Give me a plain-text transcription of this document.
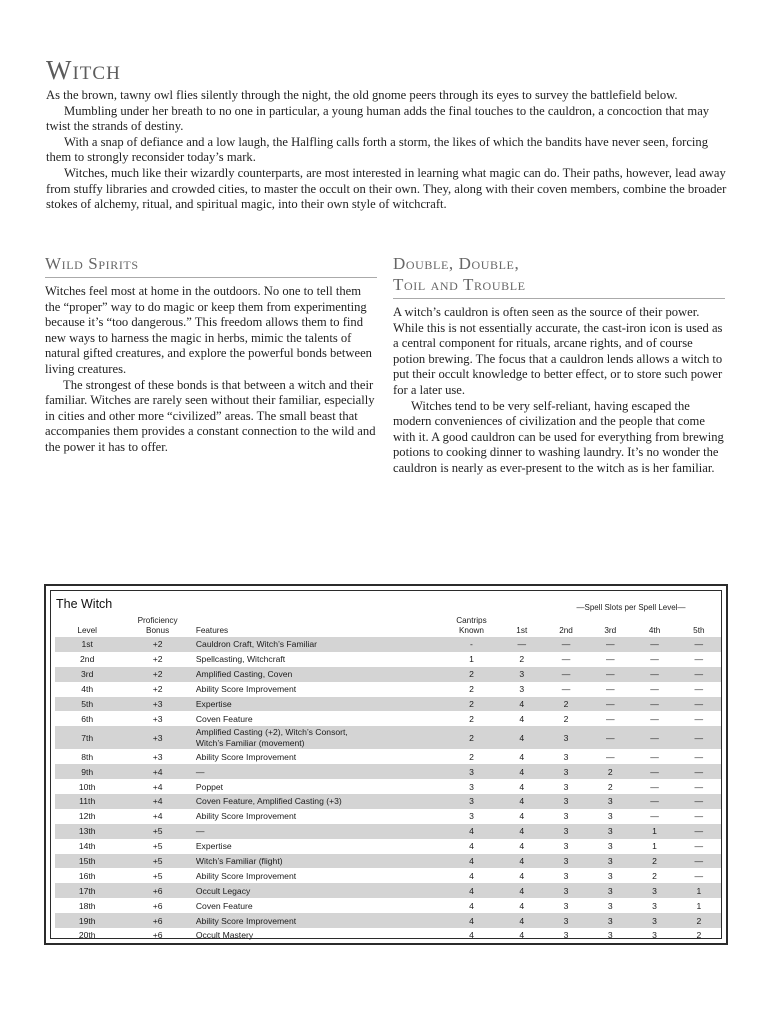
Witch

As the brown, tawny owl flies silently through the night, the old gnome peers through its eyes to survey the battlefield below.

Mumbling under her breath to no one in particular, a young human adds the final touches to the cauldron, a concoction that may twist the strands of destiny.

With a snap of defiance and a low laugh, the Halfling calls forth a storm, the likes of which the bandits have never seen, forcing them to strongly reconsider today’s mark.

Witches, much like their wizardly counterparts, are most interested in learning what magic can do. Their paths, however, lead away from stuffy libraries and crowded cities, to master the occult on their own. They, along with their coven members, combine the broader stokes of alchemy, ritual, and spiritual magic, into their own style of witchcraft.

Wild Spirits

Witches feel most at home in the outdoors. No one to tell them the “proper” way to do magic or keep them from experimenting because it’s “too dangerous.” This freedom allows them to find new ways to harness the magic in herbs, mimic the talents of natural gifted creatures, and explore the powerful bonds between living creatures.

The strongest of these bonds is that between a witch and their familiar. Witches are rarely seen without their familiar, especially in cities and other more “civilized” areas. The small beast that accompanies them provides a constant connection to the wild and the power it has to offer.

Double, Double,
Toil and Trouble

A witch’s cauldron is often seen as the source of their power. While this is not essentially accurate, the cast-iron icon is used as a central component for rituals, arcane rights, and of course potion brewing. The focus that a cauldron lends allows a witch to put their occult knowledge to better effect, or to store such power for a later use.

Witches tend to be very self-reliant, having escaped the modern conveniences of civilization and the people that come with it. A good cauldron can be used for everything from brewing potions to cooking dinner to washing laundry. It’s no wonder the cauldron is nearly as ever-present to the witch as is her familiar.

The Witch	—Spell Slots per Spell Level—
Level	Proficiency
Bonus	Features	Cantrips
Known	1st	2nd	3rd	4th	5th
1st	+2	Cauldron Craft, Witch’s Familiar	-	—	—	—	—	—
2nd	+2	Spellcasting, Witchcraft	1	2	—	—	—	—
3rd	+2	Amplified Casting, Coven	2	3	—	—	—	—
4th	+2	Ability Score Improvement	2	3	—	—	—	—
5th	+3	Expertise	2	4	2	—	—	—
6th	+3	Coven Feature	2	4	2	—	—	—
7th	+3	Amplified Casting (+2), Witch’s Consort,
Witch’s Familiar (movement)	2	4	3	—	—	—
8th	+3	Ability Score Improvement	2	4	3	—	—	—
9th	+4	—	3	4	3	2	—	—
10th	+4	Poppet	3	4	3	2	—	—
11th	+4	Coven Feature, Amplified Casting (+3)	3	4	3	3	—	—
12th	+4	Ability Score Improvement	3	4	3	3	—	—
13th	+5	—	4	4	3	3	1	—
14th	+5	Expertise	4	4	3	3	1	—
15th	+5	Witch’s Familiar (flight)	4	4	3	3	2	—
16th	+5	Ability Score Improvement	4	4	3	3	2	—
17th	+6	Occult Legacy	4	4	3	3	3	1
18th	+6	Coven Feature	4	4	3	3	3	1
19th	+6	Ability Score Improvement	4	4	3	3	3	2
20th	+6	Occult Mastery	4	4	3	3	3	2
